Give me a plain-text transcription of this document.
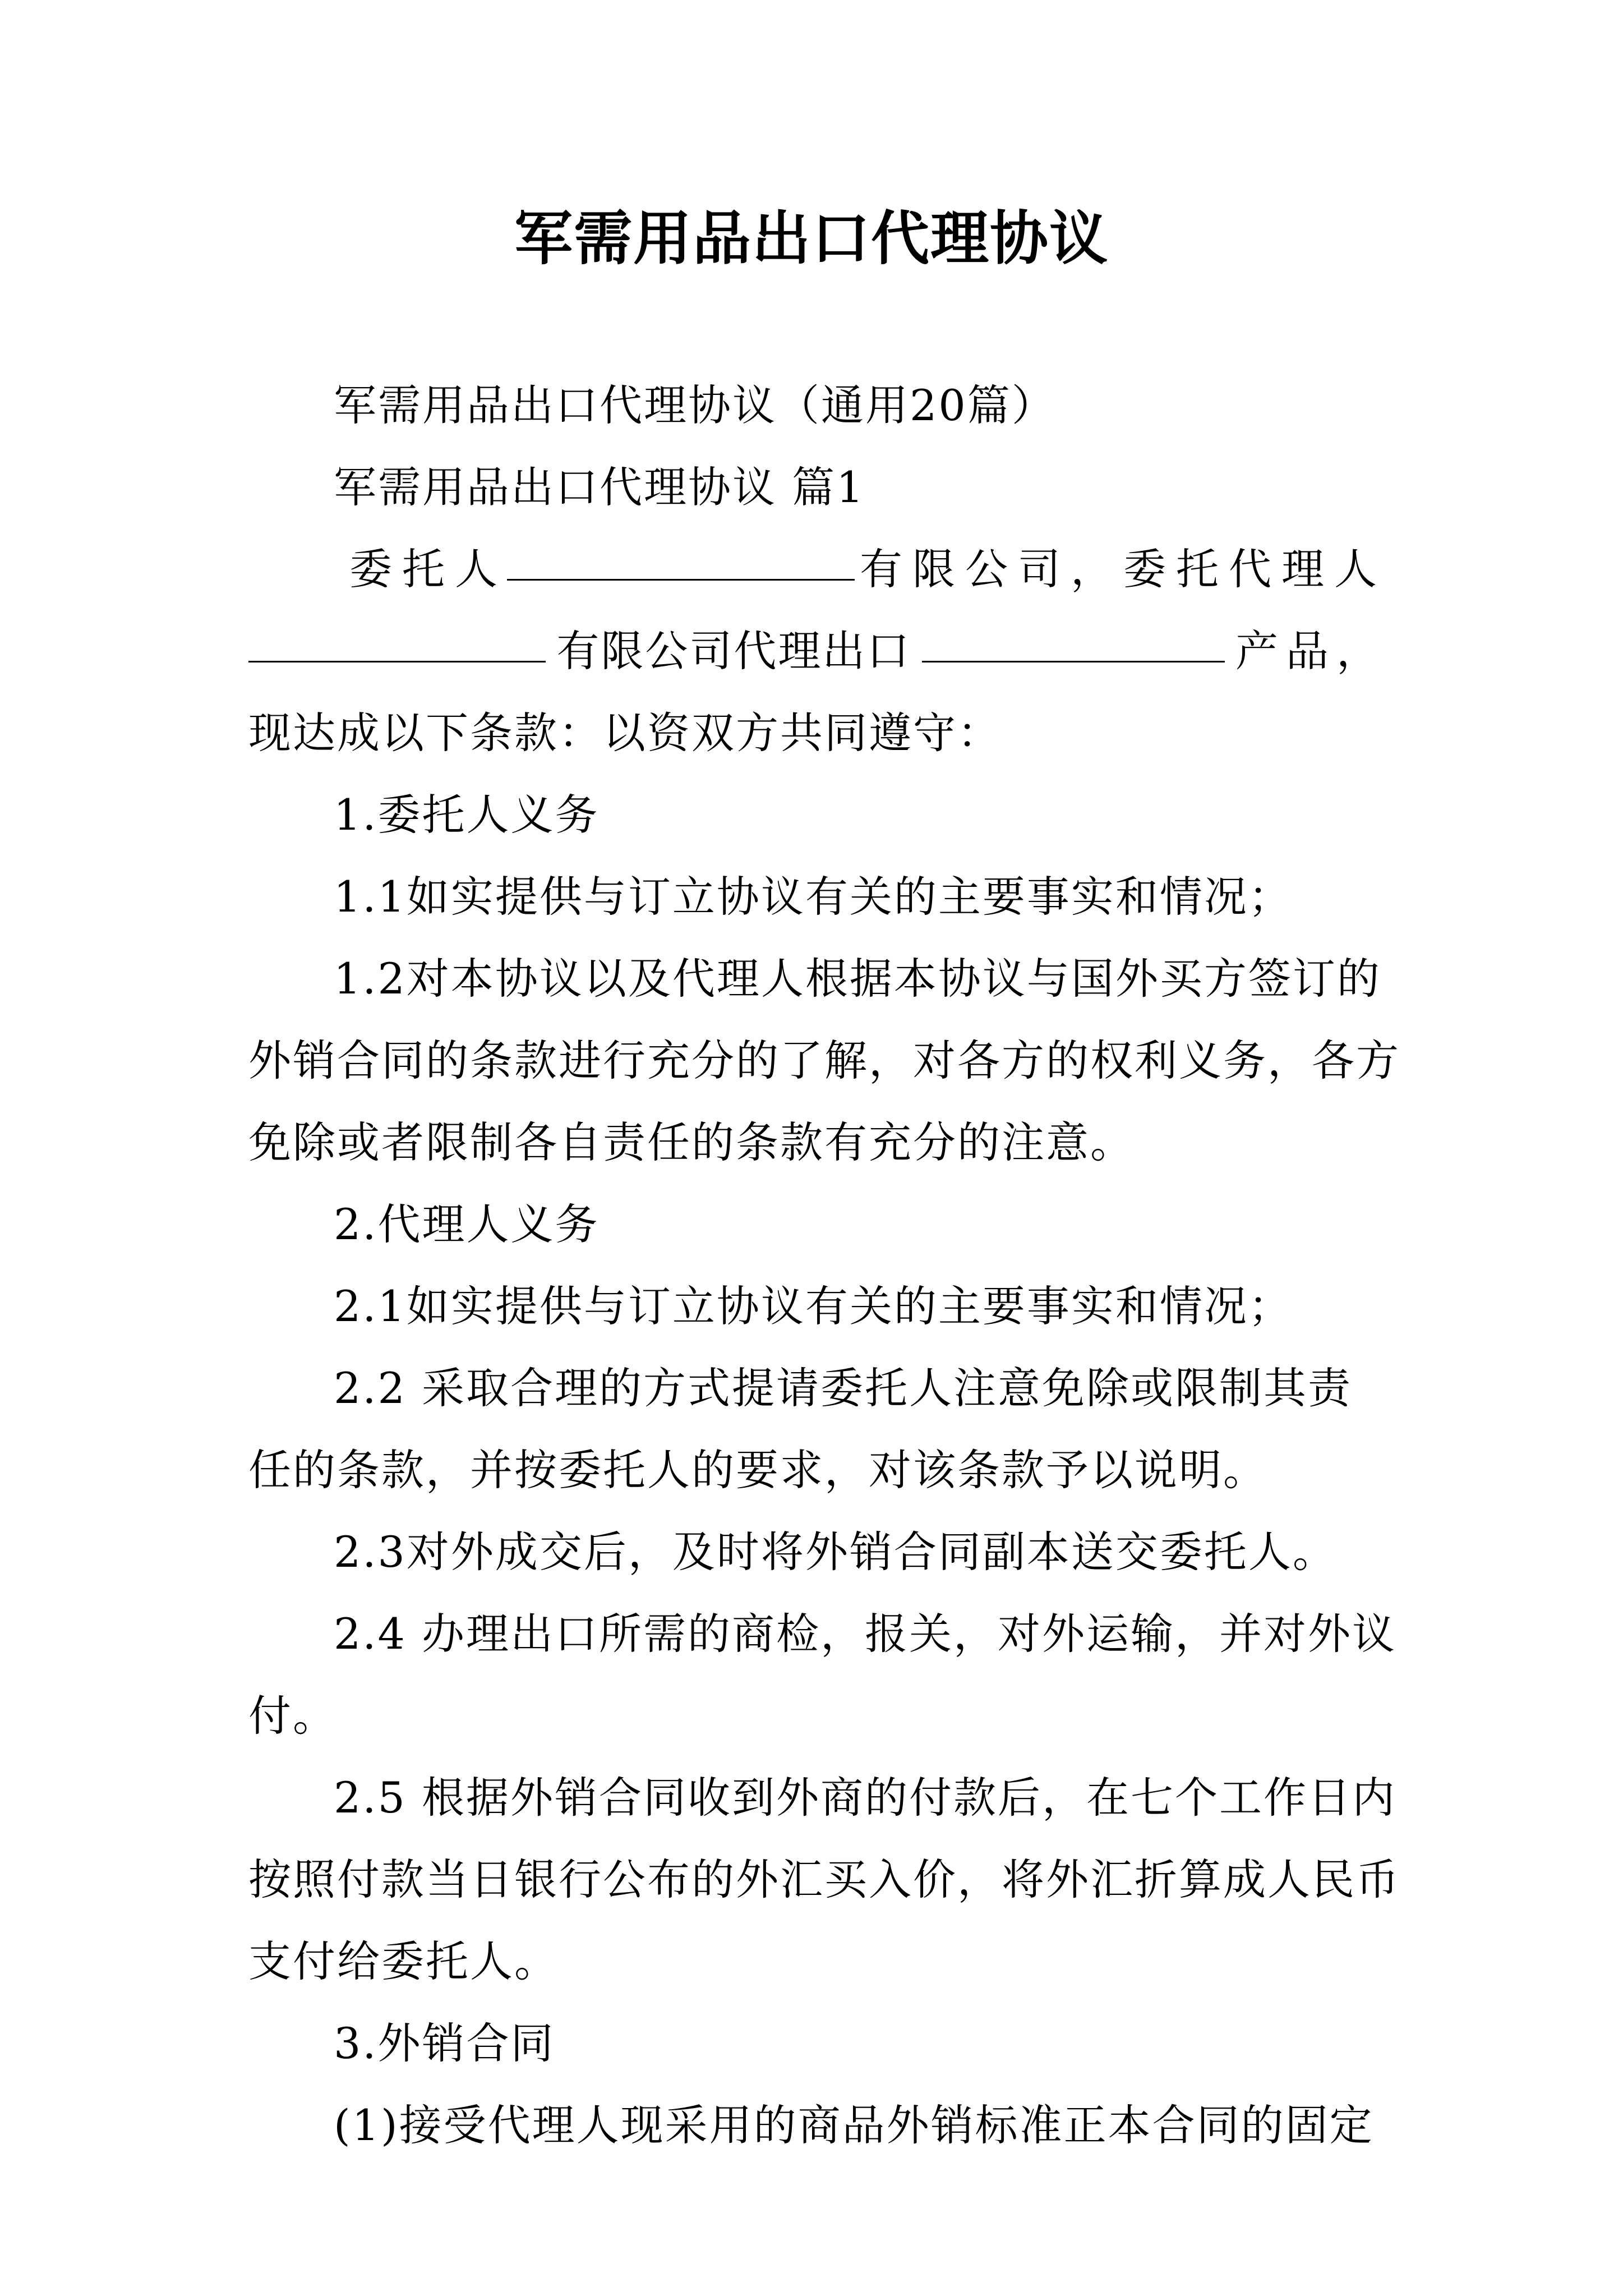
军需用品出口代理协议
军需用品出口代理协议（通用20篇）
军需用品出口代理协议 篇1
委托人	有限公司，委托代理人
有限公司代理出口	产品，
现达成以下条款：以资双方共同遵守：
1.委托人义务
1.1如实提供与订立协议有关的主要事实和情况；
1.2对本协议以及代理人根据本协议与国外买方签订的
外销合同的条款进行充分的了解，对各方的权利义务，各方
免除或者限制各自责任的条款有充分的注意。
2.代理人义务
2.1如实提供与订立协议有关的主要事实和情况；
2.2 采取合理的方式提请委托人注意免除或限制其责
任的条款，并按委托人的要求，对该条款予以说明。
2.3对外成交后，及时将外销合同副本送交委托人。
2.4 办理出口所需的商检，报关，对外运输，并对外议
付。
2.5 根据外销合同收到外商的付款后，在七个工作日内
按照付款当日银行公布的外汇买入价，将外汇折算成人民币
支付给委托人。
3.外销合同
(1)接受代理人现采用的商品外销标准正本合同的固定
